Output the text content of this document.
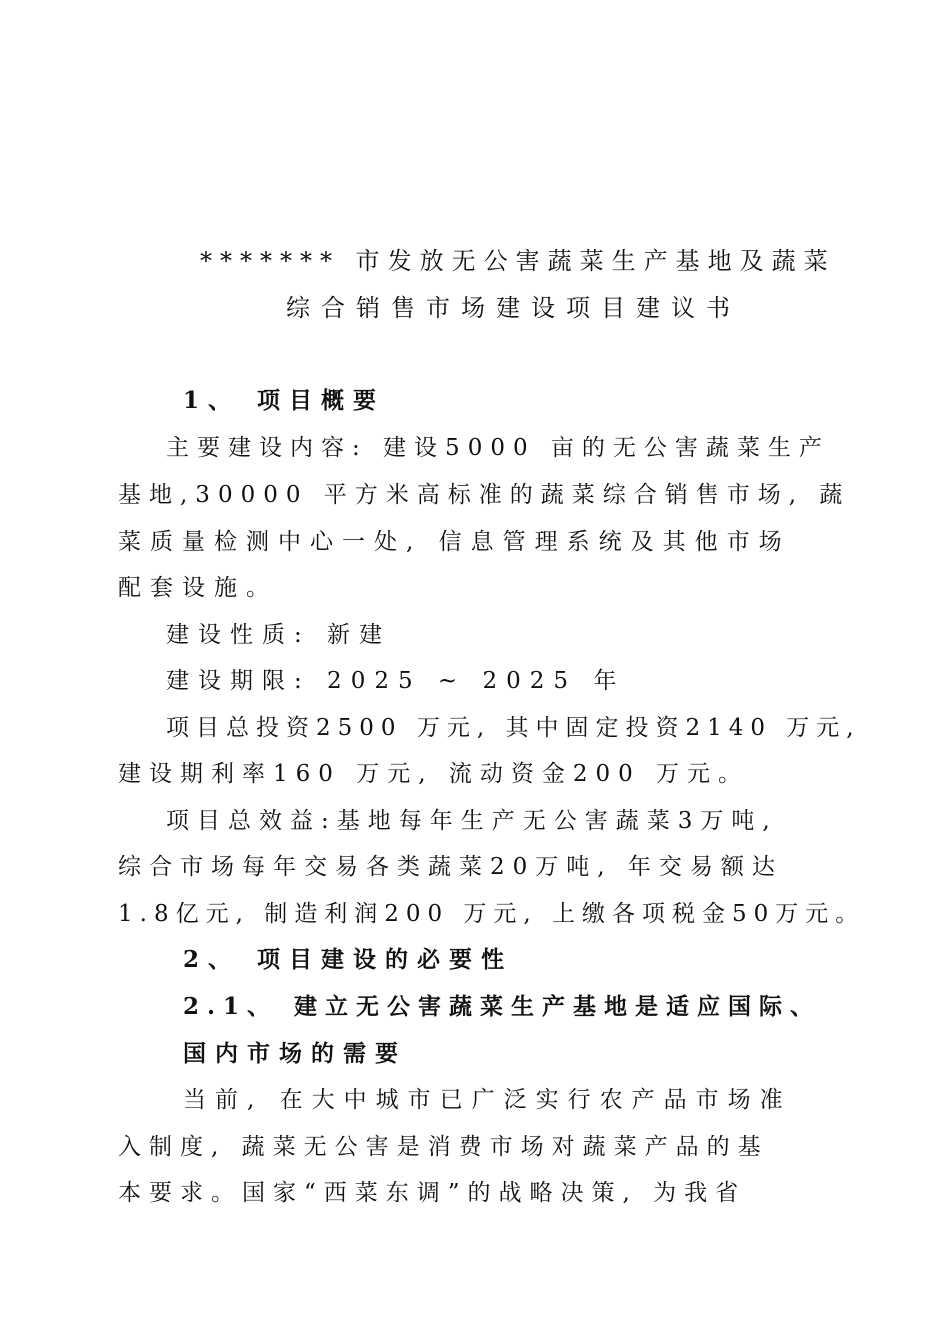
******* 市发放无公害蔬菜生产基地及蔬菜
综合销售市场建设项目建议书
1、 项目概要
主要建设内容: 建设5000 亩的无公害蔬菜生产
基地,30000 平方米高标准的蔬菜综合销售市场, 蔬
菜质量检测中心一处, 信息管理系统及其他市场
配套设施。
建设性质: 新建
建设期限: 2025 ~ 2025 年
项目总投资2500 万元, 其中固定投资2140 万元,
建设期利率160 万元, 流动资金200 万元。
项目总效益:基地每年生产无公害蔬菜3万吨,
综合市场每年交易各类蔬菜20万吨, 年交易额达
1.8亿元, 制造利润200 万元, 上缴各项税金50万元。
2、 项目建设的必要性
2.1、 建立无公害蔬菜生产基地是适应国际、
国内市场的需要
当前, 在大中城市已广泛实行农产品市场准
入制度, 蔬菜无公害是消费市场对蔬菜产品的基
本要求。国家“西菜东调”的战略决策, 为我省
